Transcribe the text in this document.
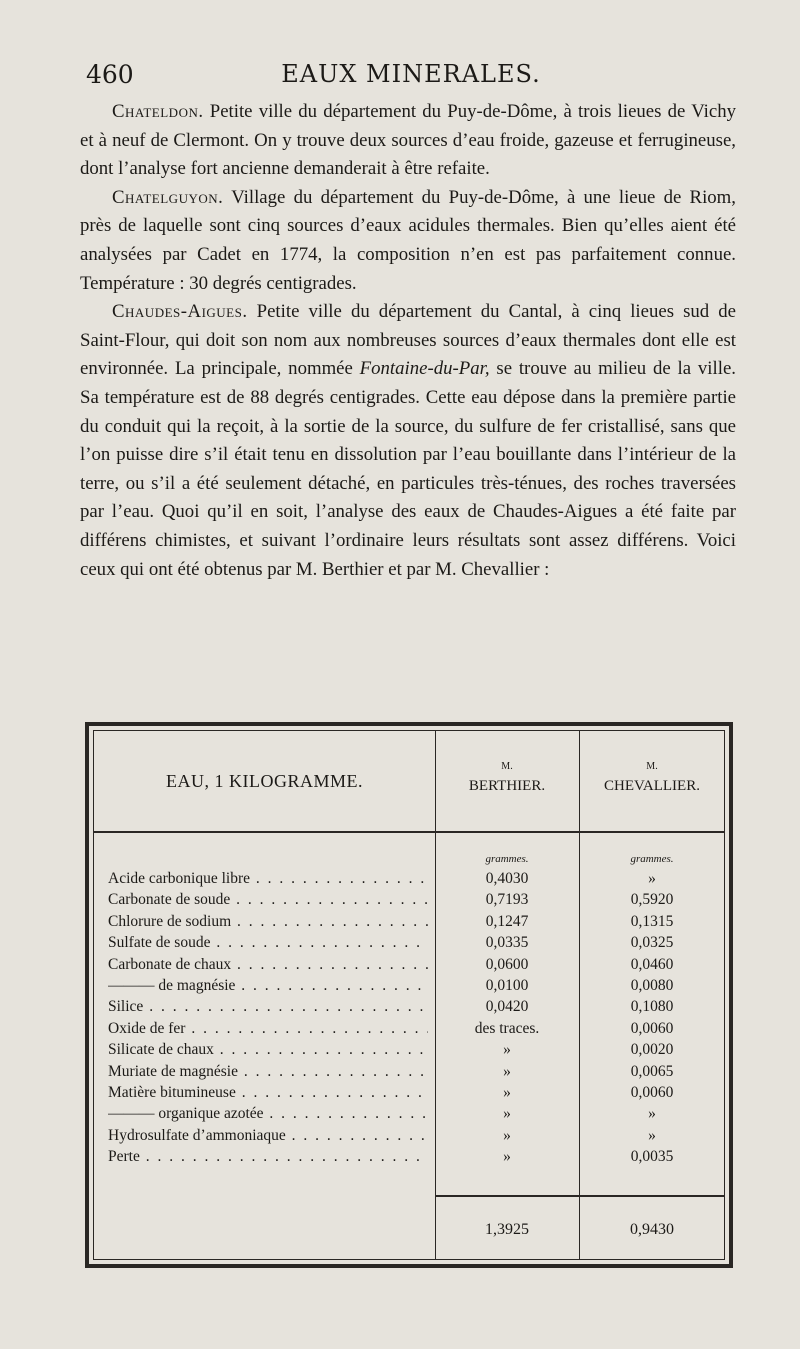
460	EAUX MINERALES.

Chateldon. Petite ville du département du Puy-de-Dôme, à trois lieues de Vichy et à neuf de Clermont. On y trouve deux sources d’eau froide, gazeuse et ferrugineuse, dont l’analyse fort ancienne demanderait à être refaite.

Chatelguyon. Village du département du Puy-de-Dôme, à une lieue de Riom, près de laquelle sont cinq sources d’eaux acidules thermales. Bien qu’elles aient été analysées par Cadet en 1774, la composition n’en est pas parfaitement connue. Température : 30 degrés centigrades.

Chaudes-Aigues. Petite ville du département du Cantal, à cinq lieues sud de Saint-Flour, qui doit son nom aux nombreuses sources d’eaux thermales dont elle est environnée. La principale, nommée Fontaine-du-Par, se trouve au milieu de la ville. Sa température est de 88 degrés centigrades. Cette eau dépose dans la première partie du conduit qui la reçoit, à la sortie de la source, du sulfure de fer cristallisé, sans que l’on puisse dire s’il était tenu en dissolution par l’eau bouillante dans l’intérieur de la terre, ou s’il a été seulement détaché, en particules très-ténues, des roches traversées par l’eau. Quoi qu’il en soit, l’analyse des eaux de Chaudes-Aigues a été faite par différens chimistes, et suivant l’ordinaire leurs résultats sont assez différens. Voici ceux qui ont été obtenus par M. Berthier et par M. Chevallier :

EAU, 1 KILOGRAMME.
M.
BERTHIER.
M.
CHEVALLIER.
grammes.	grammes.
Acide carbonique libre . . .	0,4030	»
Carbonate de soude . . .	0,7193	0,5920
Chlorure de sodium . . .	0,1247	0,1315
Sulfate de soude . . .	0,0335	0,0325
Carbonate de chaux . . .	0,0600	0,0460
——— de magnésie . . .	0,0100	0,0080
Silice . . .	0,0420	0,1080
Oxide de fer . . .	des traces.	0,0060
Silicate de chaux . . .	»	0,0020
Muriate de magnésie . . .	»	0,0065
Matière bitumineuse . . .	»	0,0060
——— organique azotée . . .	»	»
Hydrosulfate d’ammoniaque . . .	»	»
Perte . . .	»	0,0035
1,3925	0,9430
